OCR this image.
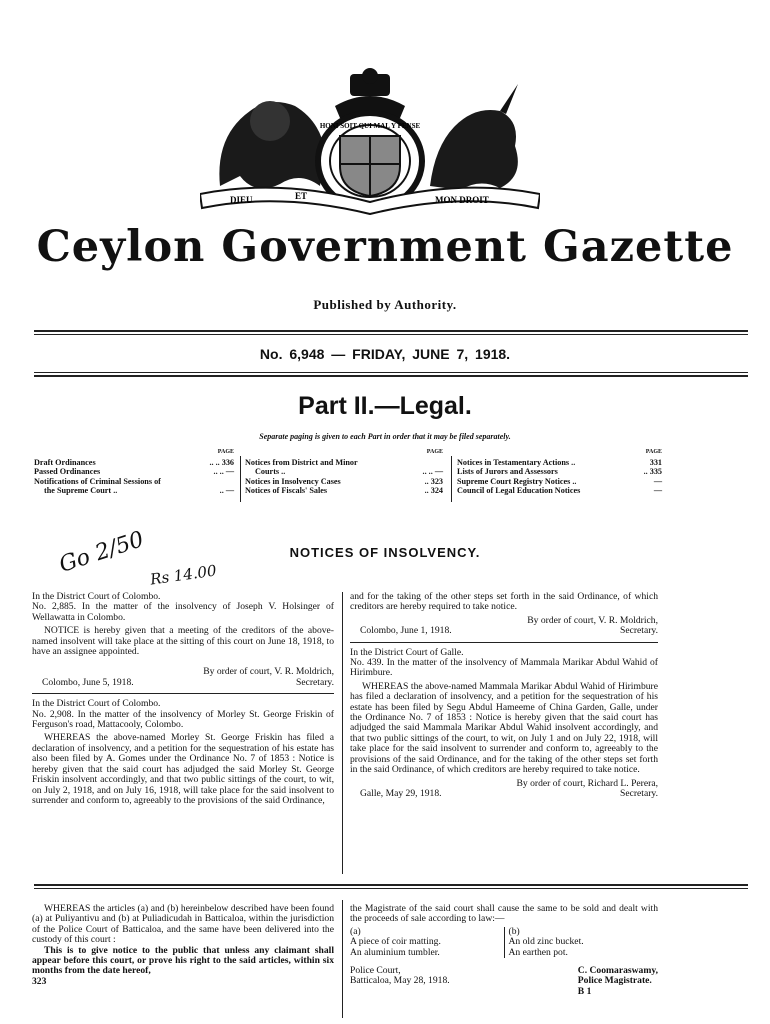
HONI SOIT QUI MAL Y PENSE
DIEU	ET	MON DROIT
Ceylon Government Gazette
Published by Authority.
No. 6,948 — FRIDAY, JUNE 7, 1918.
Part II.—Legal.
Separate paging is given to each Part in order that it may be filed separately.
PAGE
Draft Ordinances	.. .. 336
Passed Ordinances	.. .. —
Notifications of Criminal Sessions of
the Supreme Court ..	.. —
PAGE
Notices from District and Minor
Courts ..	.. .. —
Notices in Insolvency Cases	.. 323
Notices of Fiscals' Sales	.. 324
PAGE
Notices in Testamentary Actions ..	331
Lists of Jurors and Assessors	.. 335
Supreme Court Registry Notices ..	—
Council of Legal Education Notices	—
Go 2/50 Rs 14.00
NOTICES OF INSOLVENCY.

In the District Court of Colombo.

No. 2,885. In the matter of the insolvency of Joseph V. Holsinger of Wellawatta in Colombo.

NOTICE is hereby given that a meeting of the creditors of the above-named insolvent will take place at the sitting of this court on June 18, 1918, to have an assignee appointed.

By order of court, V. R. Moldrich,

Colombo, June 5, 1918.	Secretary.

In the District Court of Colombo.

No. 2,908. In the matter of the insolvency of Morley St. George Friskin of Ferguson's road, Mattacooly, Colombo.

WHEREAS the above-named Morley St. George Friskin has filed a declaration of insolvency, and a petition for the sequestration of his estate has also been filed by A. Gomes under the Ordinance No. 7 of 1853 : Notice is hereby given that the said court has adjudged the said Morley St. George Friskin insolvent accordingly, and that two public sittings of the court, to wit, on July 2, 1918, and on July 16, 1918, will take place for the said insolvent to surrender and conform to, agreeably to the provisions of the said Ordinance,

and for the taking of the other steps set forth in the said Ordinance, of which creditors are hereby required to take notice.

By order of court, V. R. Moldrich,

Colombo, June 1, 1918.	Secretary.

In the District Court of Galle.

No. 439. In the matter of the insolvency of Mammala Marikar Abdul Wahid of Hirimbure.

WHEREAS the above-named Mammala Marikar Abdul Wahid of Hirimbure has filed a declaration of insolvency, and a petition for the sequestration of his estate has been filed by Segu Abdul Hameeme of China Garden, Galle, under the Ordinance No. 7 of 1853 : Notice is hereby given that the said court has adjudged the said Mammala Marikar Abdul Wahid insolvent accordingly, and that two public sittings of the court, to wit, on July 1 and on July 22, 1918, will take place for the said insolvent to surrender and conform to, agreeably to the provisions of the said Ordinance, and for the taking of the other steps set forth in the said Ordinance, of which creditors are hereby required to take notice.

By order of court, Richard L. Perera,

Galle, May 29, 1918.	Secretary.

WHEREAS the articles (a) and (b) hereinbelow described have been found (a) at Puliyantivu and (b) at Puliadicudah in Batticaloa, within the jurisdiction of the Police Court of Batticaloa, and the same have been delivered into the custody of this court :

This is to give notice to the public that unless any claimant shall appear before this court, or prove his right to the said articles, within six months from the date hereof,

323

the Magistrate of the said court shall cause the same to be sold and dealt with the proceeds of sale according to law:—

(a)

A piece of coir matting.

An aluminium tumbler.

(b)

An old zinc bucket.

An earthen pot.

Police Court,

Batticaloa, May 28, 1918.

C. Coomaraswamy,

Police Magistrate.

B 1
